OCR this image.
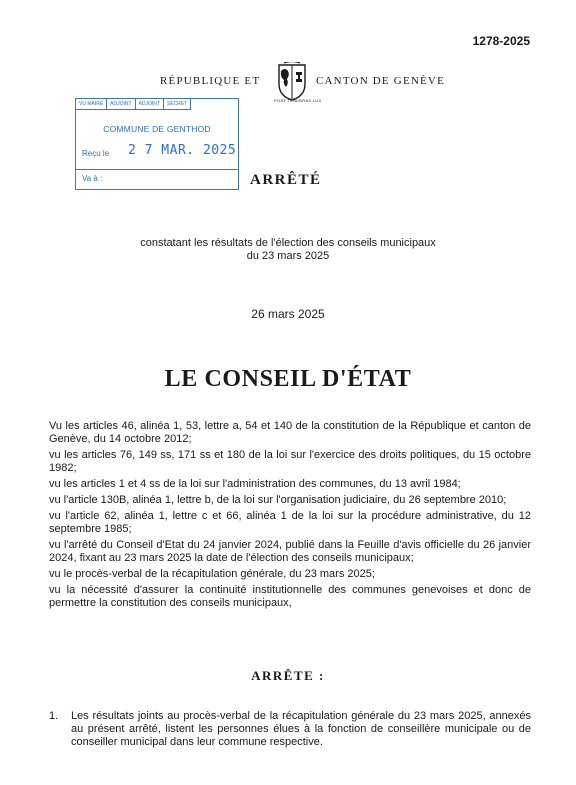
1278-2025
RÉPUBLIQUE ET
POST TENEBRAS LUX
CANTON DE GENÈVE
VU MAIRE	ADJOINT	ADJOINT	SECRET
COMMUNE DE GENTHOD
Reçu le 2 7 MAR. 2025
Va à :	ARRÊTÉ
constatant les résultats de l'élection des conseils municipaux
du 23 mars 2025
26 mars 2025
LE CONSEIL D'ÉTAT
Vu les articles 46, alinéa 1, 53, lettre a, 54 et 140 de la constitution de la République et canton de Genève, du 14 octobre 2012;
vu les articles 76, 149 ss, 171 ss et 180 de la loi sur l'exercice des droits politiques, du 15 octobre 1982;
vu les articles 1 et 4 ss de la loi sur l'administration des communes, du 13 avril 1984;
vu l'article 130B, alinéa 1, lettre b, de la loi sur l'organisation judiciaire, du 26 septembre 2010;
vu l'article 62, alinéa 1, lettre c et 66, alinéa 1 de la loi sur la procédure administrative, du 12 septembre 1985;
vu l'arrêté du Conseil d'Etat du 24 janvier 2024, publié dans la Feuille d'avis officielle du 26 janvier 2024, fixant au 23 mars 2025 la date de l'élection des conseils municipaux;
vu le procès-verbal de la récapitulation générale, du 23 mars 2025;
vu la nécessité d'assurer la continuité institutionnelle des communes genevoises et donc de permettre la constitution des conseils municipaux,
ARRÊTE :
1.	Les résultats joints au procès-verbal de la récapitulation générale du 23 mars 2025, annexés au présent arrêté, listent les personnes élues à la fonction de conseillère municipale ou de conseiller municipal dans leur commune respective.
